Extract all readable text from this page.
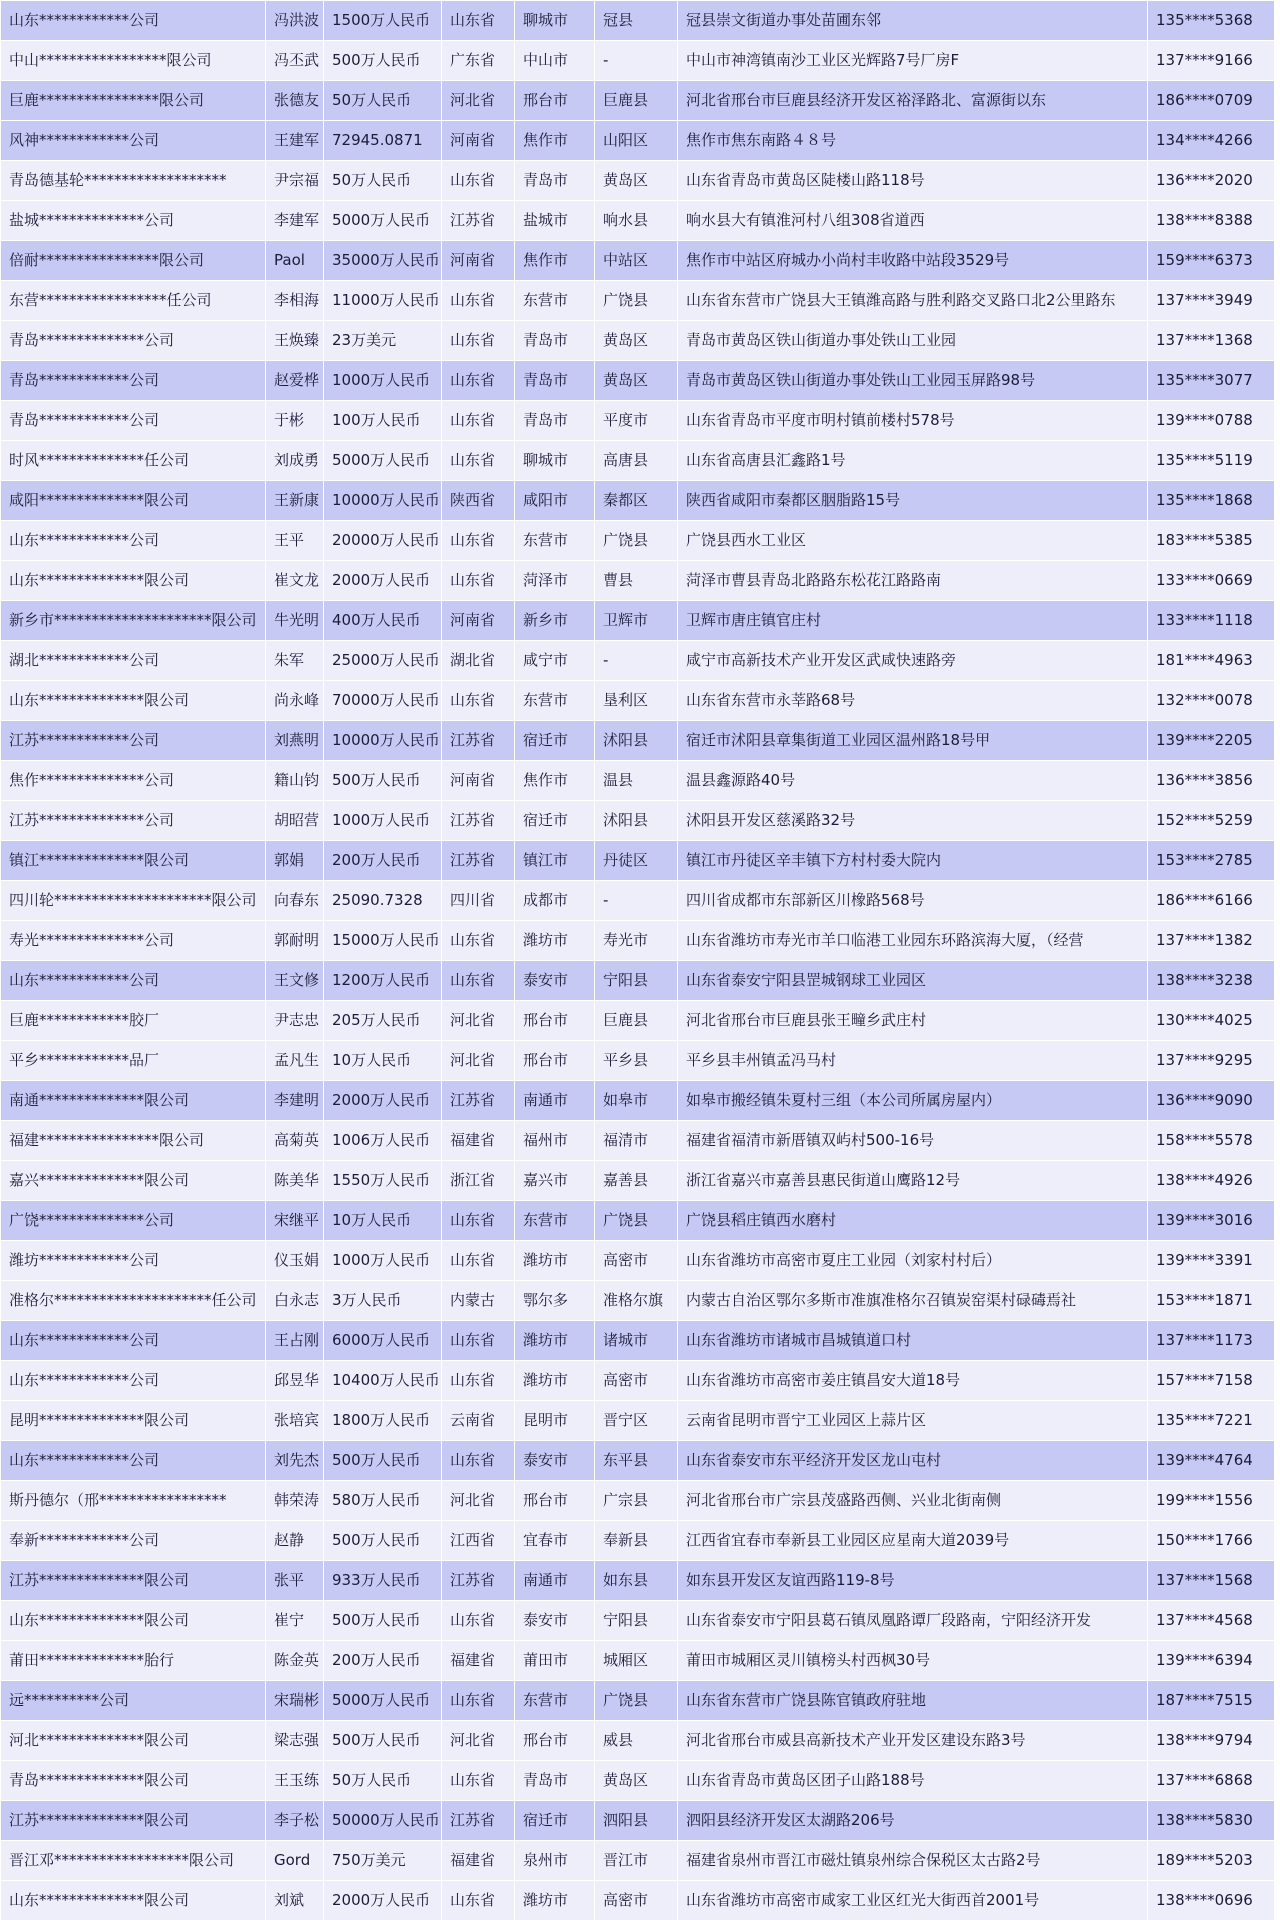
山东************公司	冯洪波	1500万人民币	山东省	聊城市	冠县	冠县崇文街道办事处苗圃东邻	135****5368
中山*****************限公司	冯丕武	500万人民币	广东省	中山市	-	中山市神湾镇南沙工业区光辉路7号厂房F	137****9166
巨鹿****************限公司	张德友	50万人民币	河北省	邢台市	巨鹿县	河北省邢台市巨鹿县经济开发区裕泽路北、富源街以东	186****0709
风神************公司	王建军	72945.0871	河南省	焦作市	山阳区	焦作市焦东南路４８号	134****4266
青岛德基轮*******************	尹宗福	50万人民币	山东省	青岛市	黄岛区	山东省青岛市黄岛区陡楼山路118号	136****2020
盐城**************公司	李建军	5000万人民币	江苏省	盐城市	响水县	响水县大有镇淮河村八组308省道西	138****8388
倍耐****************限公司	Paol	35000万人民币	河南省	焦作市	中站区	焦作市中站区府城办小尚村丰收路中站段3529号	159****6373
东营*****************任公司	李相海	11000万人民币	山东省	东营市	广饶县	山东省东营市广饶县大王镇潍高路与胜利路交叉路口北2公里路东	137****3949
青岛**************公司	王焕臻	23万美元	山东省	青岛市	黄岛区	青岛市黄岛区铁山街道办事处铁山工业园	137****1368
青岛************公司	赵爱桦	1000万人民币	山东省	青岛市	黄岛区	青岛市黄岛区铁山街道办事处铁山工业园玉屏路98号	135****3077
青岛************公司	于彬	100万人民币	山东省	青岛市	平度市	山东省青岛市平度市明村镇前楼村578号	139****0788
时风**************任公司	刘成勇	5000万人民币	山东省	聊城市	高唐县	山东省高唐县汇鑫路1号	135****5119
咸阳**************限公司	王新康	10000万人民币	陕西省	咸阳市	秦都区	陕西省咸阳市秦都区胭脂路15号	135****1868
山东************公司	王平	20000万人民币	山东省	东营市	广饶县	广饶县西水工业区	183****5385
山东**************限公司	崔文龙	2000万人民币	山东省	菏泽市	曹县	菏泽市曹县青岛北路路东松花江路路南	133****0669
新乡市*********************限公司	牛光明	400万人民币	河南省	新乡市	卫辉市	卫辉市唐庄镇官庄村	133****1118
湖北************公司	朱军	25000万人民币	湖北省	咸宁市	-	咸宁市高新技术产业开发区武咸快速路旁	181****4963
山东**************限公司	尚永峰	70000万人民币	山东省	东营市	垦利区	山东省东营市永莘路68号	132****0078
江苏************公司	刘燕明	10000万人民币	江苏省	宿迁市	沭阳县	宿迁市沭阳县章集街道工业园区温州路18号甲	139****2205
焦作**************公司	籍山钧	500万人民币	河南省	焦作市	温县	温县鑫源路40号	136****3856
江苏**************公司	胡昭营	1000万人民币	江苏省	宿迁市	沭阳县	沭阳县开发区慈溪路32号	152****5259
镇江**************限公司	郭娟	200万人民币	江苏省	镇江市	丹徒区	镇江市丹徒区辛丰镇下方村村委大院内	153****2785
四川轮*********************限公司	向春东	25090.7328	四川省	成都市	-	四川省成都市东部新区川橡路568号	186****6166
寿光**************公司	郭耐明	15000万人民币	山东省	潍坊市	寿光市	山东省潍坊市寿光市羊口临港工业园东环路滨海大厦，（经营	137****1382
山东************公司	王文修	1200万人民币	山东省	泰安市	宁阳县	山东省泰安宁阳县罡城钢球工业园区	138****3238
巨鹿************胶厂	尹志忠	205万人民币	河北省	邢台市	巨鹿县	河北省邢台市巨鹿县张王疃乡武庄村	130****4025
平乡************品厂	孟凡生	10万人民币	河北省	邢台市	平乡县	平乡县丰州镇孟冯马村	137****9295
南通**************限公司	李建明	2000万人民币	江苏省	南通市	如皋市	如皋市搬经镇朱夏村三组（本公司所属房屋内）	136****9090
福建****************限公司	高菊英	1006万人民币	福建省	福州市	福清市	福建省福清市新厝镇双屿村500-16号	158****5578
嘉兴**************限公司	陈美华	1550万人民币	浙江省	嘉兴市	嘉善县	浙江省嘉兴市嘉善县惠民街道山鹰路12号	138****4926
广饶**************公司	宋继平	10万人民币	山东省	东营市	广饶县	广饶县稻庄镇西水磨村	139****3016
潍坊************公司	仪玉娟	1000万人民币	山东省	潍坊市	高密市	山东省潍坊市高密市夏庄工业园（刘家村村后）	139****3391
准格尔*********************任公司	白永志	3万人民币	内蒙古	鄂尔多	准格尔旗	内蒙古自治区鄂尔多斯市准旗准格尔召镇炭窑渠村碌碡焉社	153****1871
山东************公司	王占刚	6000万人民币	山东省	潍坊市	诸城市	山东省潍坊市诸城市昌城镇道口村	137****1173
山东************公司	邱昱华	10400万人民币	山东省	潍坊市	高密市	山东省潍坊市高密市姜庄镇昌安大道18号	157****7158
昆明**************限公司	张培宾	1800万人民币	云南省	昆明市	晋宁区	云南省昆明市晋宁工业园区上蒜片区	135****7221
山东************公司	刘先杰	500万人民币	山东省	泰安市	东平县	山东省泰安市东平经济开发区龙山屯村	139****4764
斯丹德尔（邢*****************	韩荣涛	580万人民币	河北省	邢台市	广宗县	河北省邢台市广宗县茂盛路西侧、兴业北街南侧	199****1556
奉新************公司	赵静	500万人民币	江西省	宜春市	奉新县	江西省宜春市奉新县工业园区应星南大道2039号	150****1766
江苏**************限公司	张平	933万人民币	江苏省	南通市	如东县	如东县开发区友谊西路119-8号	137****1568
山东**************限公司	崔宁	500万人民币	山东省	泰安市	宁阳县	山东省泰安市宁阳县葛石镇凤凰路谭厂段路南，宁阳经济开发	137****4568
莆田**************胎行	陈金英	200万人民币	福建省	莆田市	城厢区	莆田市城厢区灵川镇榜头村西枫30号	139****6394
远**********公司	宋瑞彬	5000万人民币	山东省	东营市	广饶县	山东省东营市广饶县陈官镇政府驻地	187****7515
河北**************限公司	梁志强	500万人民币	河北省	邢台市	威县	河北省邢台市威县高新技术产业开发区建设东路3号	138****9794
青岛**************限公司	王玉练	50万人民币	山东省	青岛市	黄岛区	山东省青岛市黄岛区团子山路188号	137****6868
江苏**************限公司	李子松	50000万人民币	江苏省	宿迁市	泗阳县	泗阳县经济开发区太湖路206号	138****5830
晋江邓******************限公司	Gord	750万美元	福建省	泉州市	晋江市	福建省泉州市晋江市磁灶镇泉州综合保税区太古路2号	189****5203
山东**************限公司	刘斌	2000万人民币	山东省	潍坊市	高密市	山东省潍坊市高密市咸家工业区红光大街西首2001号	138****0696
